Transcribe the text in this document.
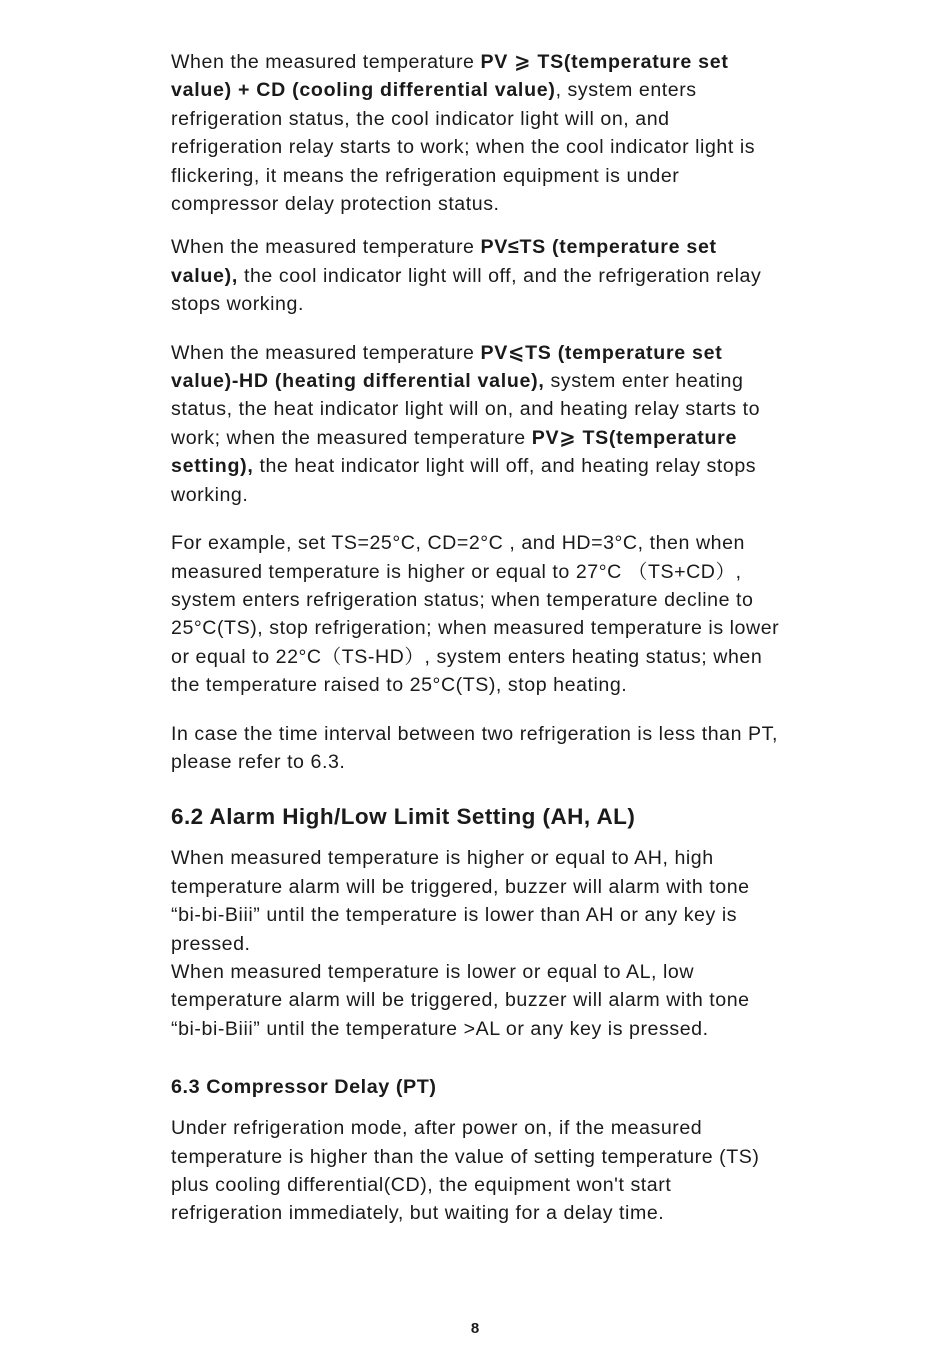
When the measured temperature PV ⩾ TS(temperature set value) + CD (cooling differential value), system enters refrigeration status, the cool indicator light will on, and refrigeration relay starts to work; when the cool indicator light is flickering, it means the refrigeration equipment is under compressor delay protection status.

When the measured temperature PV≤TS (temperature set value), the cool indicator light will off, and the refrigeration relay stops working.

When the measured temperature PV⩽TS (temperature set value)-HD (heating differential value), system enter heating status, the heat indicator light will on, and heating relay starts to work; when the measured temperature PV⩾ TS(temperature setting), the heat indicator light will off, and heating relay stops working.

For example, set TS=25°C, CD=2°C , and HD=3°C, then when measured temperature is higher or equal to 27°C （TS+CD）, system enters refrigeration status; when temperature decline to 25°C(TS), stop refrigeration; when measured temperature is lower or equal to 22°C（TS-HD）, system enters heating status; when the temperature raised to 25°C(TS), stop heating.

In case the time interval between two refrigeration is less than PT, please refer to 6.3.

6.2 Alarm High/Low Limit Setting (AH, AL)

When measured temperature is higher or equal to AH, high temperature alarm will be triggered, buzzer will alarm with tone “bi-bi-Biii” until the temperature is lower than AH or any key is pressed.

When measured temperature is lower or equal to AL, low temperature alarm will be triggered, buzzer will alarm with tone “bi-bi-Biii” until the temperature >AL or any key is pressed.

6.3 Compressor Delay (PT)

Under refrigeration mode, after power on, if the measured temperature is higher than the value of setting temperature (TS) plus cooling differential(CD), the equipment won't start refrigeration immediately, but waiting for a delay time.

8
